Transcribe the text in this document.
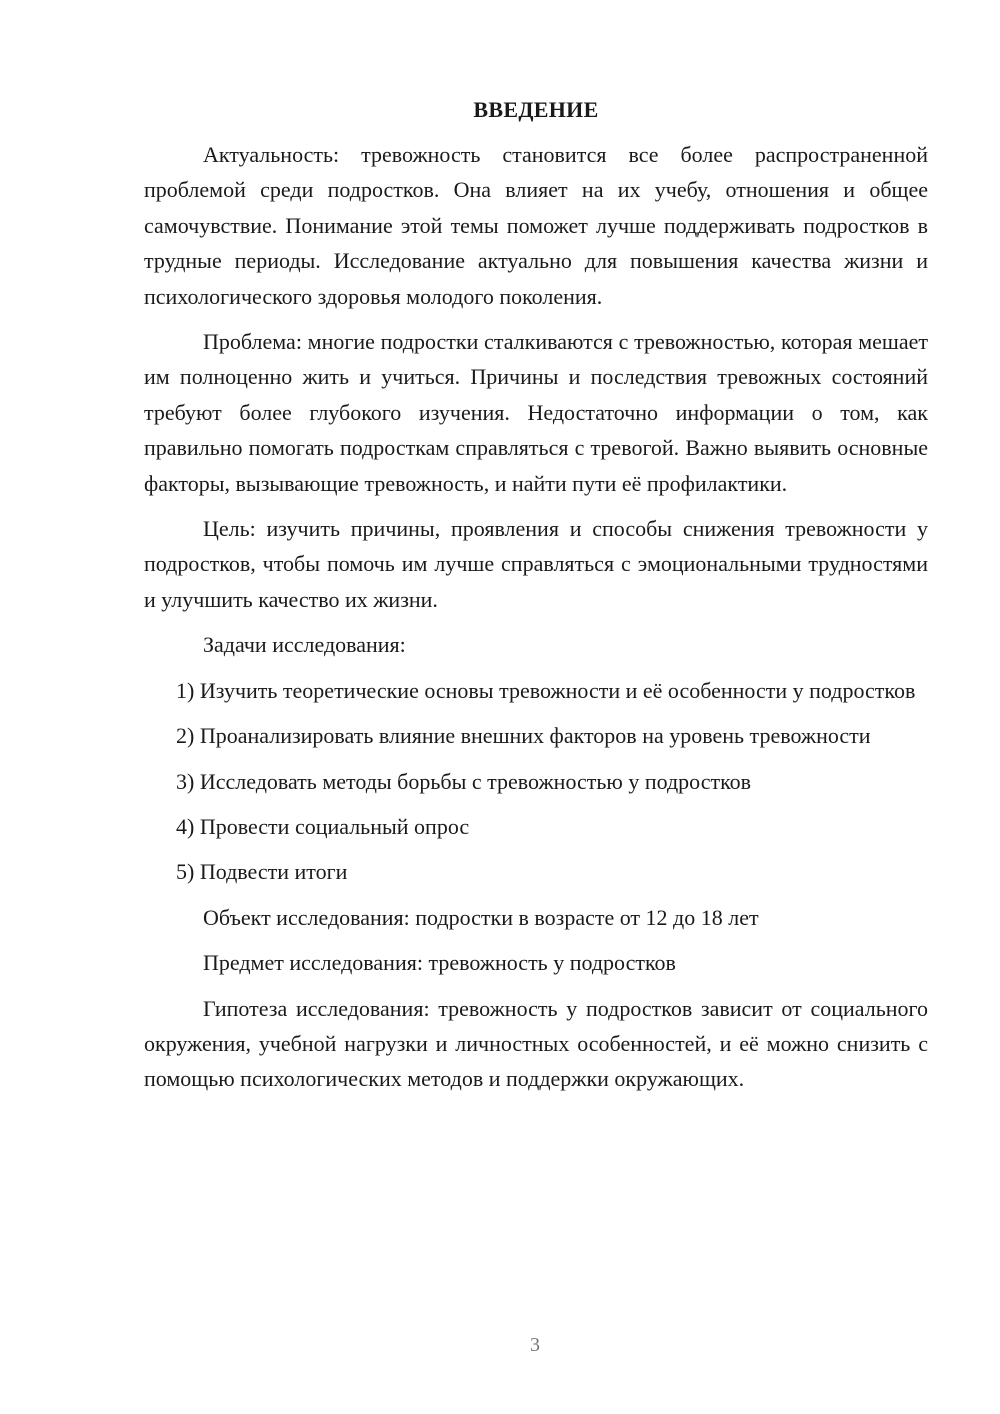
ВВЕДЕНИЕ

Актуальность: тревожность становится все более распространенной проблемой среди подростков. Она влияет на их учебу, отношения и общее самочувствие. Понимание этой темы поможет лучше поддерживать подростков в трудные периоды. Исследование актуально для повышения качества жизни и психологического здоровья молодого поколения.

Проблема: многие подростки сталкиваются с тревожностью, которая мешает им полноценно жить и учиться. Причины и последствия тревожных состояний требуют более глубокого изучения. Недостаточно информации о том, как правильно помогать подросткам справляться с тревогой. Важно выявить основные факторы, вызывающие тревожность, и найти пути её профилактики.

Цель: изучить причины, проявления и способы снижения тревожности у подростков, чтобы помочь им лучше справляться с эмоциональными трудностями и улучшить качество их жизни.

Задачи исследования:

1) Изучить теоретические основы тревожности и её особенности у подростков

2) Проанализировать влияние внешних факторов на уровень тревожности

3) Исследовать методы борьбы с тревожностью у подростков

4) Провести социальный опрос

5) Подвести итоги

Объект исследования: подростки в возрасте от 12 до 18 лет

Предмет исследования: тревожность у подростков

Гипотеза исследования: тревожность у подростков зависит от социального окружения, учебной нагрузки и личностных особенностей, и её можно снизить с помощью психологических методов и поддержки окружающих.

3
